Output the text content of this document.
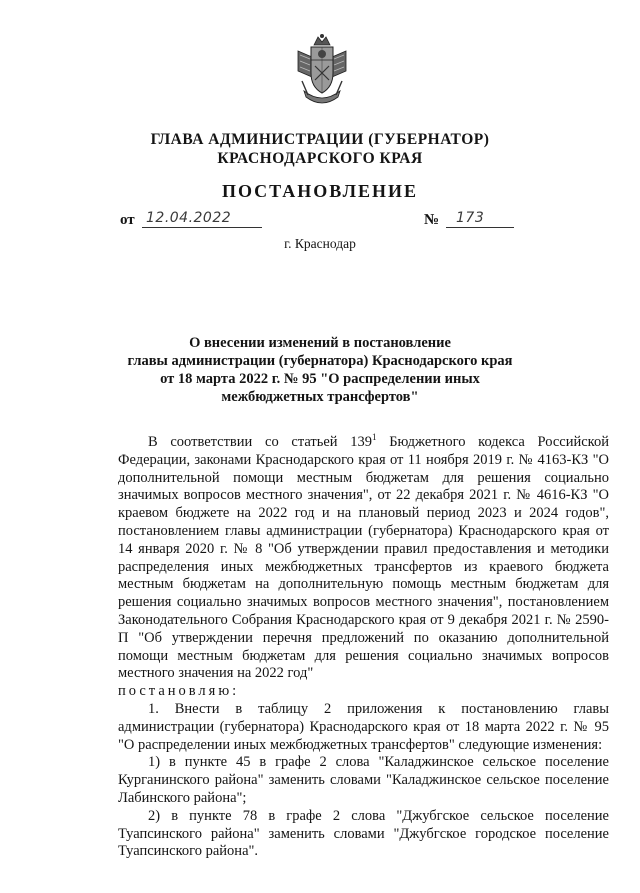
ГЛАВА АДМИНИСТРАЦИИ (ГУБЕРНАТОР)
КРАСНОДАРСКОГО КРАЯ
ПОСТАНОВЛЕНИЕ
от 12.04.2022	№ 173
г. Краснодар
О внесении изменений в постановление
главы администрации (губернатора) Краснодарского края
от 18 марта 2022 г. № 95 "О распределении иных
межбюджетных трансфертов"

В соответствии со статьей $139^1$ Бюджетного кодекса Российской Федерации, законами Краснодарского края от 11 ноября 2019 г. № 4163-КЗ "О дополнительной помощи местным бюджетам для решения социально значимых вопросов местного значения", от 22 декабря 2021 г. № 4616-КЗ "О краевом бюджете на 2022 год и на плановый период 2023 и 2024 годов", постановлением главы администрации (губернатора) Краснодарского края от 14 января 2020 г. № 8 "Об утверждении правил предоставления и методики распределения иных межбюджетных трансфертов из краевого бюджета местным бюджетам на дополнительную помощь местным бюджетам для решения социально значимых вопросов местного значения", постановлением Законодательного Собрания Краснодарского края от 9 декабря 2021 г. № 2590-П "Об утверждении перечня предложений по оказанию дополнительной помощи местным бюджетам для решения социально значимых вопросов местного значения на 2022 год"

постановляю:

1. Внести в таблицу 2 приложения к постановлению главы администрации (губернатора) Краснодарского края от 18 марта 2022 г. № 95 "О распределении иных межбюджетных трансфертов" следующие изменения:

1) в пункте 45 в графе 2 слова "Каладжинское сельское поселение Курганинского района" заменить словами "Каладжинское сельское поселение Лабинского района";

2) в пункте 78 в графе 2 слова "Джубгское сельское поселение Туапсинского района" заменить словами "Джубгское городское поселение Туапсинского района".
